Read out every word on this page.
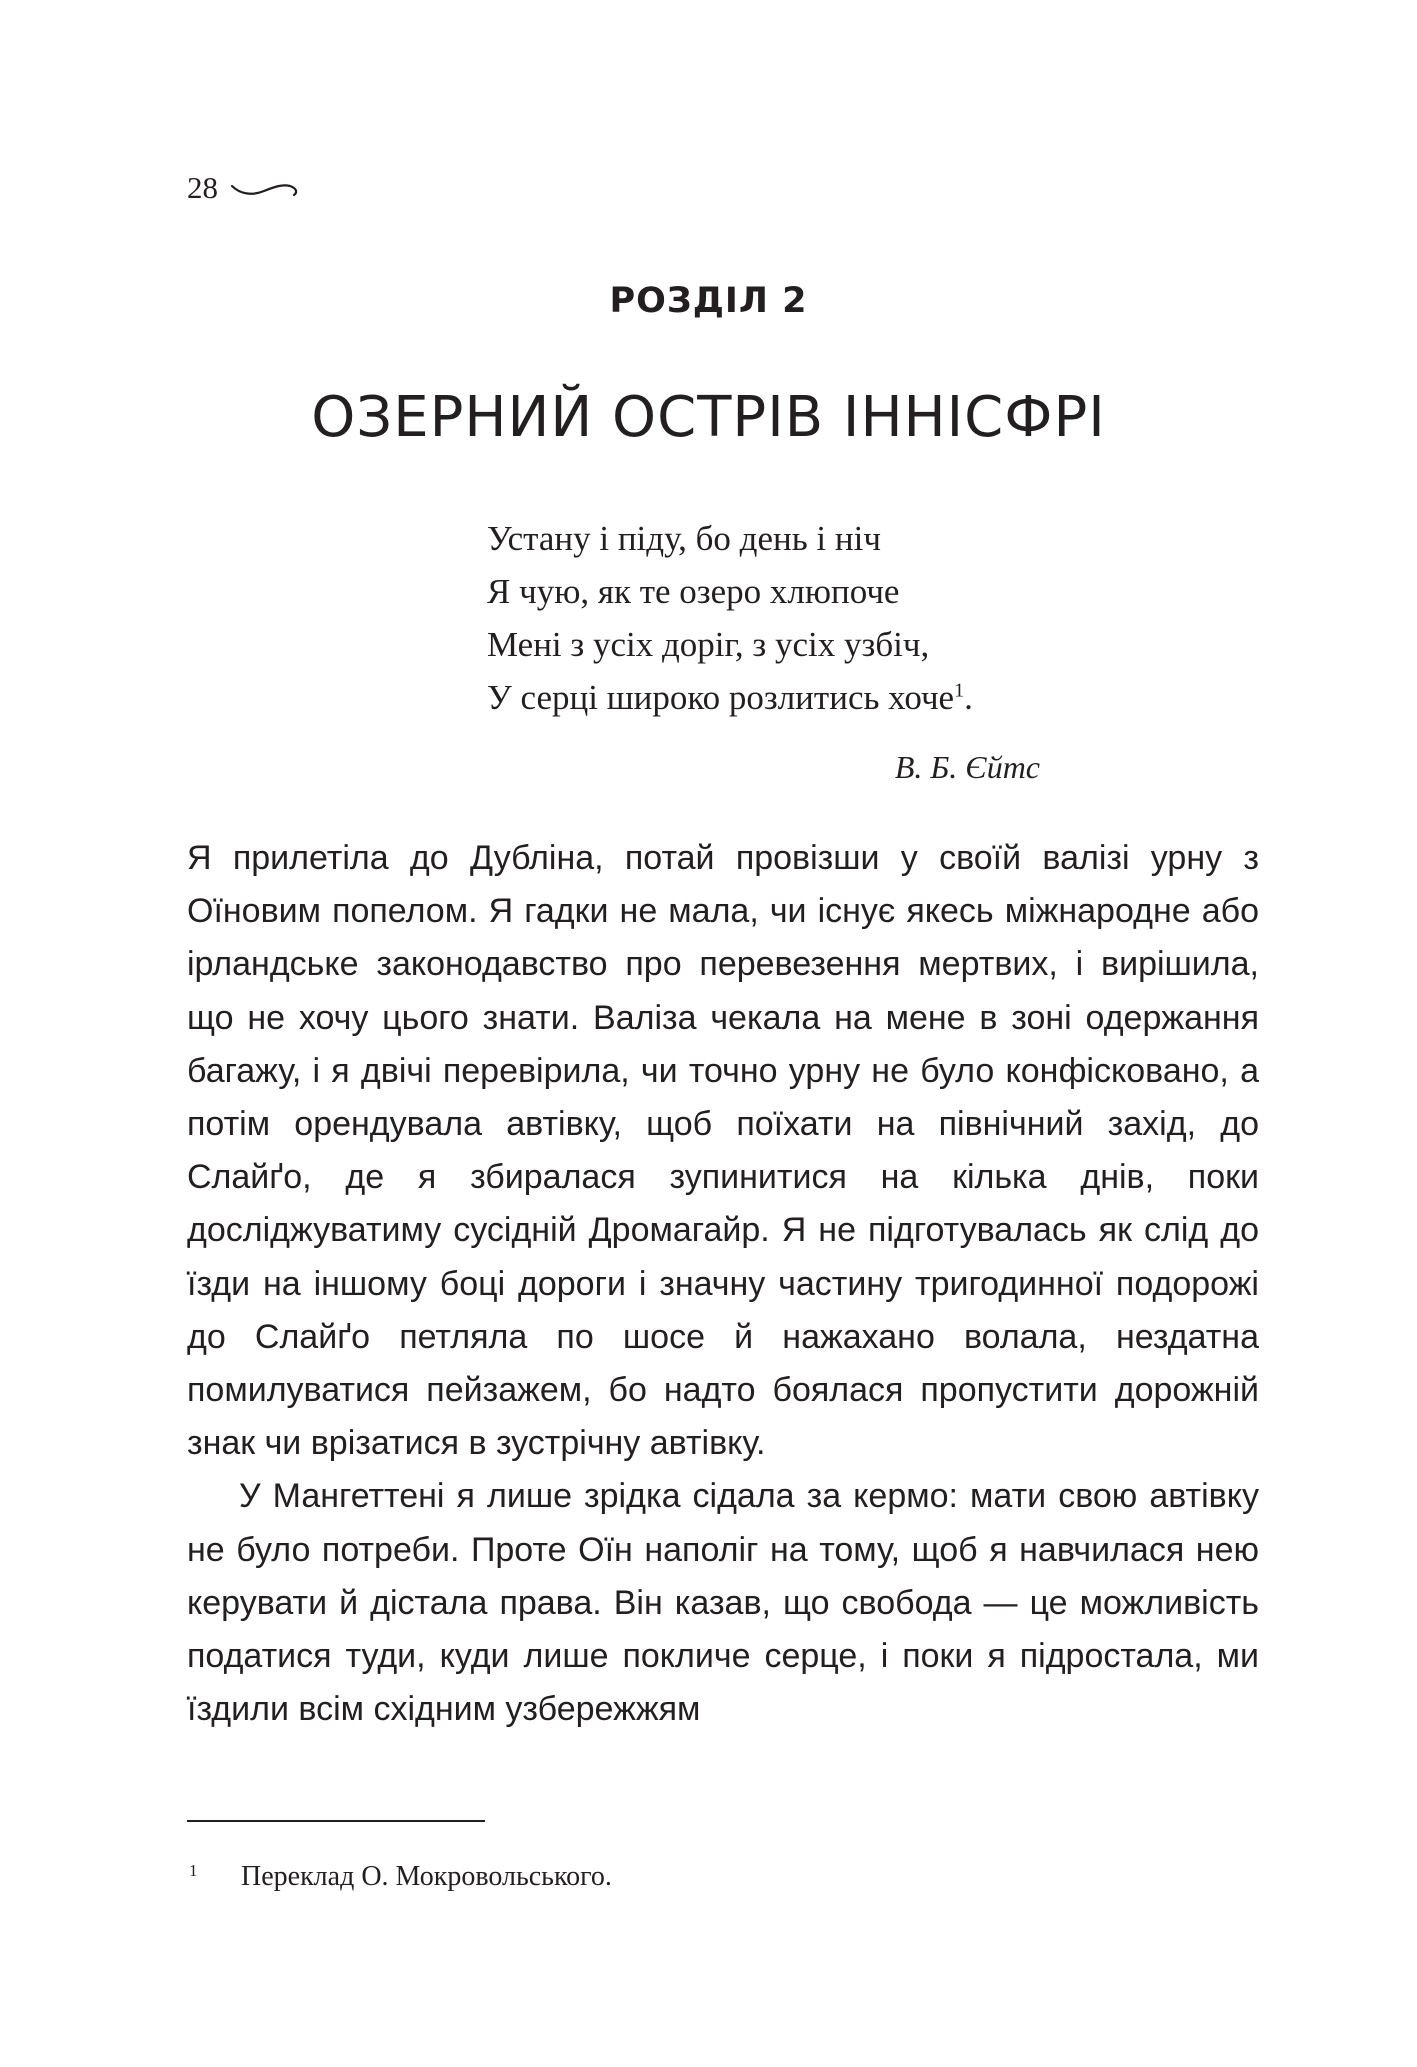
28
РОЗДІЛ 2
ОЗЕРНИЙ ОСТРІВ ІННІСФРІ
Устану і піду, бо день і ніч
Я чую, як те озеро хлюпоче
Мені з усіх доріг, з усіх узбіч,
У серці широко розлитись хоче$^1$.
В. Б. Єйтс

Я прилетіла до Дубліна, потай провізши у своїй валізі урну з Оїновим попелом. Я гадки не мала, чи існує якесь міжнародне або ірландське законодавство про перевезення мертвих, і вирішила, що не хочу цього знати. Валіза чекала на мене в зоні одержання багажу, і я двічі перевірила, чи точно урну не було конфісковано, а потім орендувала автівку, щоб поїхати на північний захід, до Слайґо, де я збиралася зупинитися на кілька днів, поки досліджуватиму сусідній Дромагайр. Я не підготувалась як слід до їзди на іншому боці дороги і значну частину тригодинної подорожі до Слайґо петляла по шосе й нажахано волала, нездатна помилуватися пейзажем, бо надто боялася пропустити дорожній знак чи врізатися в зустрічну автівку.

У Мангеттені я лише зрідка сідала за кермо: мати свою автівку не було потреби. Проте Оїн наполіг на тому, щоб я навчилася нею керувати й дістала права. Він казав, що свобода — це можливість податися туди, куди лише покличе серце, і поки я підростала, ми їздили всім східним узбережжям

1	Переклад О. Мокровольського.
